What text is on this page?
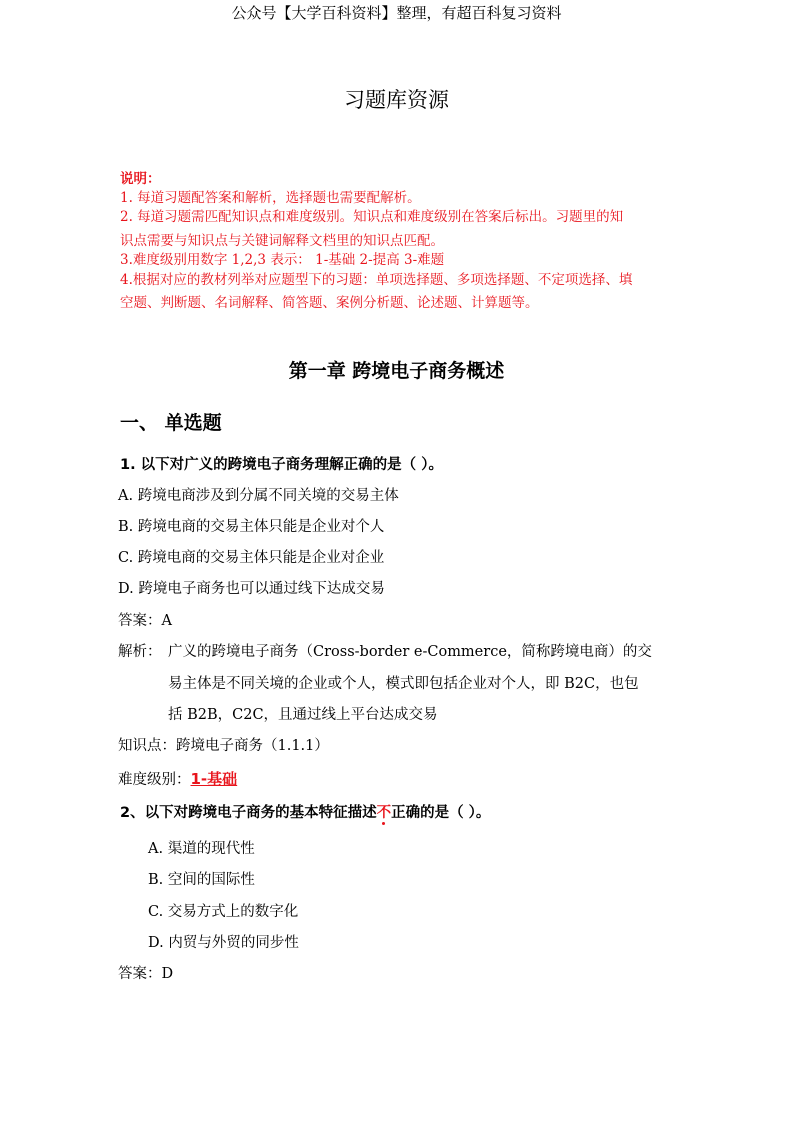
公众号【大学百科资料】整理，有超百科复习资料
习题库资源
说明：
1. 每道习题配答案和解析，选择题也需要配解析。
2. 每道习题需匹配知识点和难度级别。知识点和难度级别在答案后标出。习题里的知
识点需要与知识点与关键词解释文档里的知识点匹配。
3.难度级别用数字 1,2,3 表示： 1-基础 2-提高 3-难题
4.根据对应的教材列举对应题型下的习题：单项选择题、多项选择题、不定项选择、填
空题、判断题、名词解释、简答题、案例分析题、论述题、计算题等。
第一章 跨境电子商务概述
一、 单选题
1. 以下对广义的跨境电子商务理解正确的是（ ）。
A. 跨境电商涉及到分属不同关境的交易主体
B. 跨境电商的交易主体只能是企业对个人
C. 跨境电商的交易主体只能是企业对企业
D. 跨境电子商务也可以通过线下达成交易
答案：A
解析： 广义的跨境电子商务（Cross-border e-Commerce，简称跨境电商）的交
易主体是不同关境的企业或个人，模式即包括企业对个人，即 B2C，也包
括 B2B，C2C，且通过线上平台达成交易
知识点：跨境电子商务（1.1.1）
难度级别：1-基础
2、以下对跨境电子商务的基本特征描述不正确的是（ ）。
A. 渠道的现代性
B. 空间的国际性
C. 交易方式上的数字化
D. 内贸与外贸的同步性
答案：D
